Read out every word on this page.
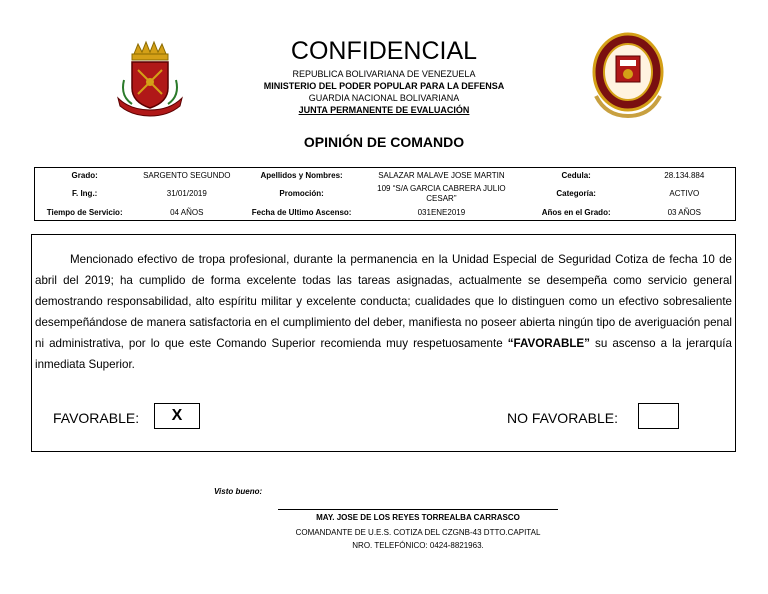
CONFIDENCIAL
REPUBLICA BOLIVARIANA DE VENEZUELA
MINISTERIO DEL PODER POPULAR PARA LA DEFENSA
GUARDIA NACIONAL BOLIVARIANA
JUNTA PERMANENTE DE EVALUACIÓN
OPINIÓN DE COMANDO
Grado:	SARGENTO SEGUNDO	Apellidos y Nombres:	SALAZAR MALAVE JOSE MARTIN	Cedula:	28.134.884
F. Ing.:	31/01/2019	Promoción:	109 “S/A GARCIA CABRERA JULIO CESAR”	Categoría:	ACTIVO
Tiempo de Servicio:	04 AÑOS	Fecha de Ultimo Ascenso:	031ENE2019	Años en el Grado:	03 AÑOS
Mencionado efectivo de tropa profesional, durante la permanencia en la Unidad Especial de Seguridad Cotiza de fecha 10 de abril del 2019; ha cumplido de forma excelente todas las tareas asignadas, actualmente se desempeña como servicio general demostrando responsabilidad, alto espíritu militar y excelente conducta; cualidades que lo distinguen como un efectivo sobresaliente desempeñándose de manera satisfactoria en el cumplimiento del deber, manifiesta no poseer abierta ningún tipo de averiguación penal ni administrativa, por lo que este Comando Superior recomienda muy respetuosamente “FAVORABLE” su ascenso a la jerarquía inmediata Superior.
FAVORABLE:	X	NO FAVORABLE:
Visto bueno:
MAY. JOSE DE LOS REYES TORREALBA CARRASCO
COMANDANTE DE U.E.S. COTIZA DEL CZGNB-43 DTTO.CAPITAL
NRO. TELEFÓNICO: 0424-8821963.
